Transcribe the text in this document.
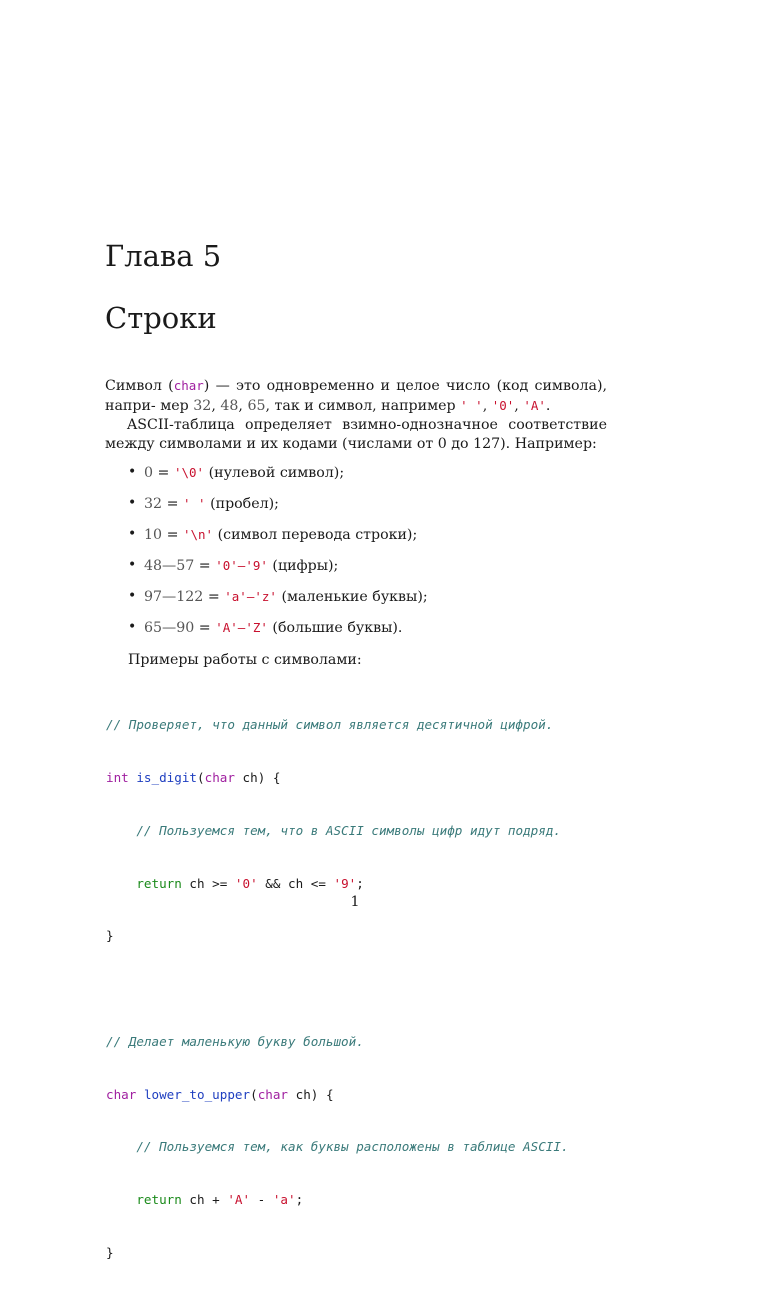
Глава 5
Строки

Символ (char) — это одновременно и целое число (код символа), напри- мер 32, 48, 65, так и символ, например ' ', '0', 'A'.

ASCII-таблица определяет взимно-однозначное соответствие между символами и их кодами (числами от 0 до 127). Например:

• 0 = '\0' (нулевой символ);
• 32 = ' ' (пробел);
• 10 = '\n' (символ перевода строки);
• 48—57 = '0'—'9' (цифры);
• 97—122 = 'a'—'z' (маленькие буквы);
• 65—90 = 'A'—'Z' (большие буквы).

Примеры работы с символами:

// Проверяет, что данный символ является десятичной цифрой.

int is_digit(char ch) {

// Пользуемся тем, что в ASCII символы цифр идут подряд.

return ch >= '0' && ch <= '9';

}

// Делает маленькую букву большой.

char lower_to_upper(char ch) {

// Пользуемся тем, как буквы расположены в таблице ASCII.

return ch + 'A' - 'a';

}

1
